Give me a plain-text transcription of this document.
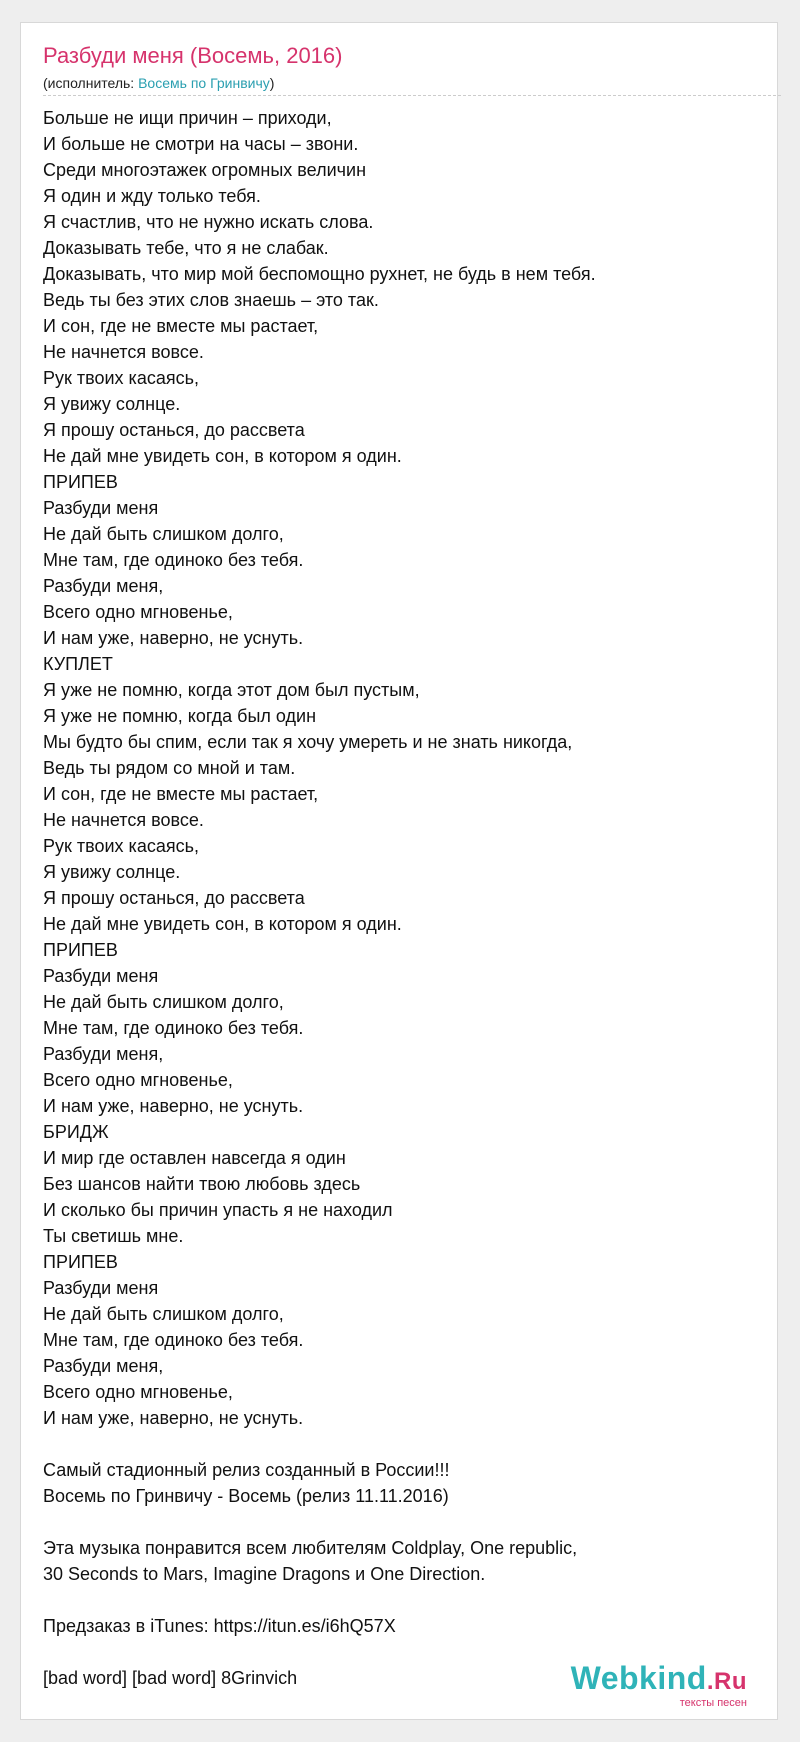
Разбуди меня (Восемь, 2016)
(исполнитель: Восемь по Гринвичу)
Больше не ищи причин – приходи,
И больше не смотри на часы – звони.
Среди многоэтажек огромных величин
Я один и жду только тебя.
Я счастлив, что не нужно искать слова.
Доказывать тебе, что я не слабак.
Доказывать, что мир мой беспомощно рухнет, не будь в нем тебя.
Ведь ты без этих слов знаешь – это так.
И сон, где не вместе мы растает,
Не начнется вовсе.
Рук твоих касаясь,
Я увижу солнце.
Я прошу останься, до рассвета
Не дай мне увидеть сон, в котором я один.
ПРИПЕВ
Разбуди меня
Не дай быть слишком долго,
Мне там, где одиноко без тебя.
Разбуди меня,
Всего одно мгновенье,
И нам уже, наверно, не уснуть.
КУПЛЕТ
Я уже не помню, когда этот дом был пустым,
Я уже не помню, когда был один
Мы будто бы спим, если так я хочу умереть и не знать никогда,
Ведь ты рядом со мной и там.
И сон, где не вместе мы растает,
Не начнется вовсе.
Рук твоих касаясь,
Я увижу солнце.
Я прошу останься, до рассвета
Не дай мне увидеть сон, в котором я один.
ПРИПЕВ
Разбуди меня
Не дай быть слишком долго,
Мне там, где одиноко без тебя.
Разбуди меня,
Всего одно мгновенье,
И нам уже, наверно, не уснуть.
БРИДЖ
И мир где оставлен навсегда я один
Без шансов найти твою любовь здесь
И сколько бы причин упасть я не находил
Ты светишь мне.
ПРИПЕВ
Разбуди меня
Не дай быть слишком долго,
Мне там, где одиноко без тебя.
Разбуди меня,
Всего одно мгновенье,
И нам уже, наверно, не уснуть.
Самый стадионный релиз созданный в России!!!
Восемь по Гринвичу - Восемь (релиз 11.11.2016)
Эта музыка понравится всем любителям Coldplay, One republic,
30 Seconds to Mars, Imagine Dragons и One Direction.
Предзаказ в iTunes: https://itun.es/i6hQ57X
[bad word] [bad word] 8Grinvich	Webkind.Ru
тексты песен
